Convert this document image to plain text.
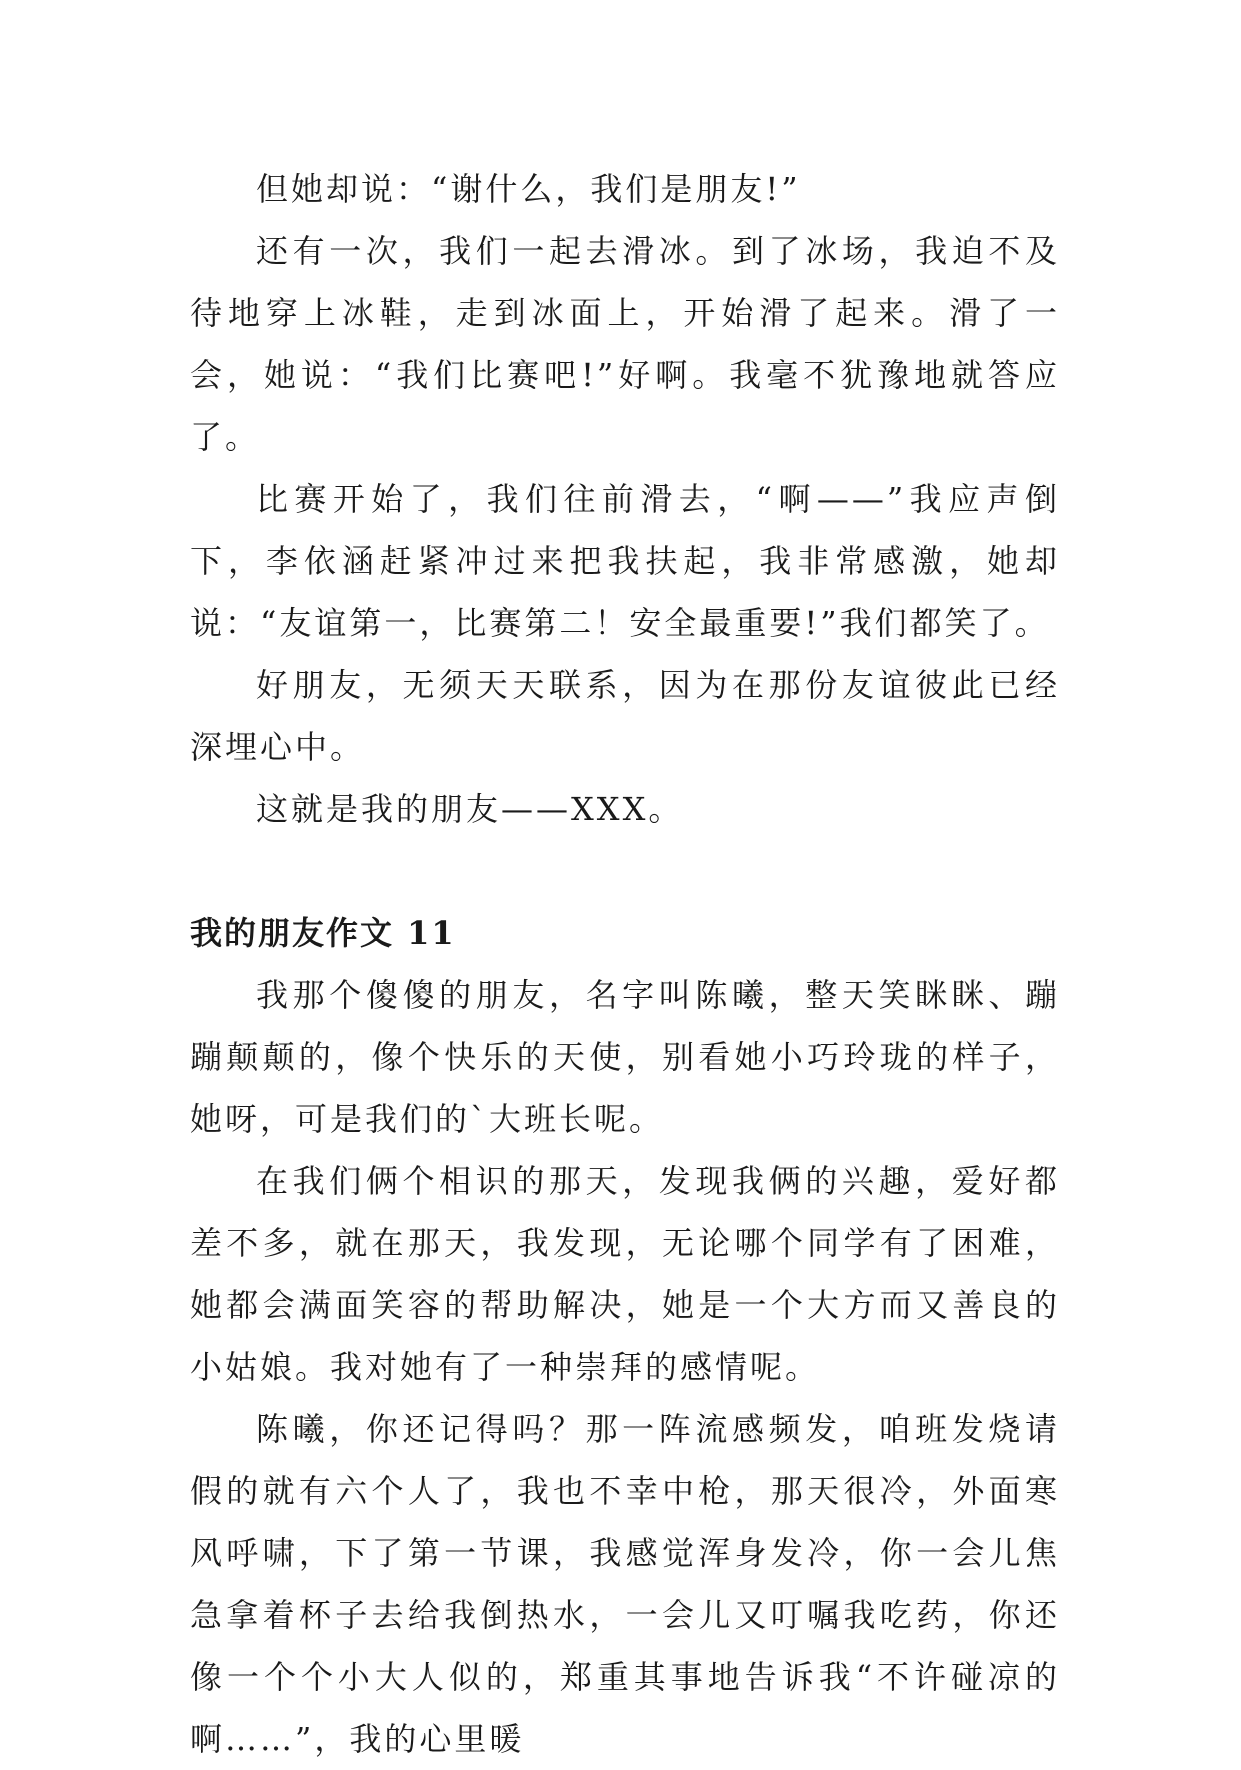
但她却说：“谢什么，我们是朋友!”

还有一次，我们一起去滑冰。到了冰场，我迫不及待地穿上冰鞋，走到冰面上，开始滑了起来。滑了一会，她说：“我们比赛吧!”好啊。我毫不犹豫地就答应了。

比赛开始了，我们往前滑去，“啊——”我应声倒下，李依涵赶紧冲过来把我扶起，我非常感激，她却说：“友谊第一，比赛第二！安全最重要!”我们都笑了。

好朋友，无须天天联系，因为在那份友谊彼此已经深埋心中。

这就是我的朋友——XXX。

我的朋友作文 11

我那个傻傻的朋友，名字叫陈曦，整天笑眯眯、蹦蹦颠颠的，像个快乐的天使，别看她小巧玲珑的样子，她呀，可是我们的`大班长呢。

在我们俩个相识的那天，发现我俩的兴趣，爱好都差不多，就在那天，我发现，无论哪个同学有了困难，她都会满面笑容的帮助解决，她是一个大方而又善良的小姑娘。我对她有了一种崇拜的感情呢。

陈曦，你还记得吗？那一阵流感频发，咱班发烧请假的就有六个人了，我也不幸中枪，那天很冷，外面寒风呼啸，下了第一节课，我感觉浑身发冷，你一会儿焦急拿着杯子去给我倒热水，一会儿又叮嘱我吃药，你还像一个个小大人似的，郑重其事地告诉我“不许碰凉的啊……”，我的心里暖
